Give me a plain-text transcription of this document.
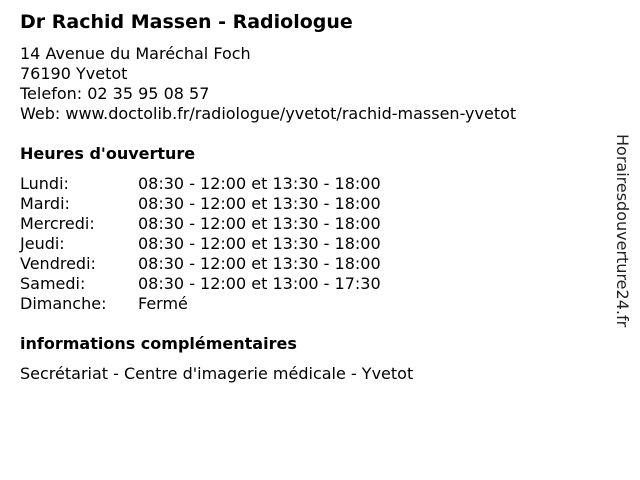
Dr Rachid Massen - Radiologue
14 Avenue du Maréchal Foch
76190 Yvetot
Telefon: 02 35 95 08 57
Web: www.doctolib.fr/radiologue/yvetot/rachid-massen-yvetot
Heures d'ouverture
Lundi:	08:30 - 12:00 et 13:30 - 18:00
Mardi:	08:30 - 12:00 et 13:30 - 18:00
Mercredi:	08:30 - 12:00 et 13:30 - 18:00
Jeudi:	08:30 - 12:00 et 13:30 - 18:00
Vendredi:	08:30 - 12:00 et 13:30 - 18:00
Samedi:	08:30 - 12:00 et 13:00 - 17:30
Dimanche: Fermé
informations complémentaires
Secrétariat - Centre d'imagerie médicale - Yvetot
Horairesdouverture24.fr
